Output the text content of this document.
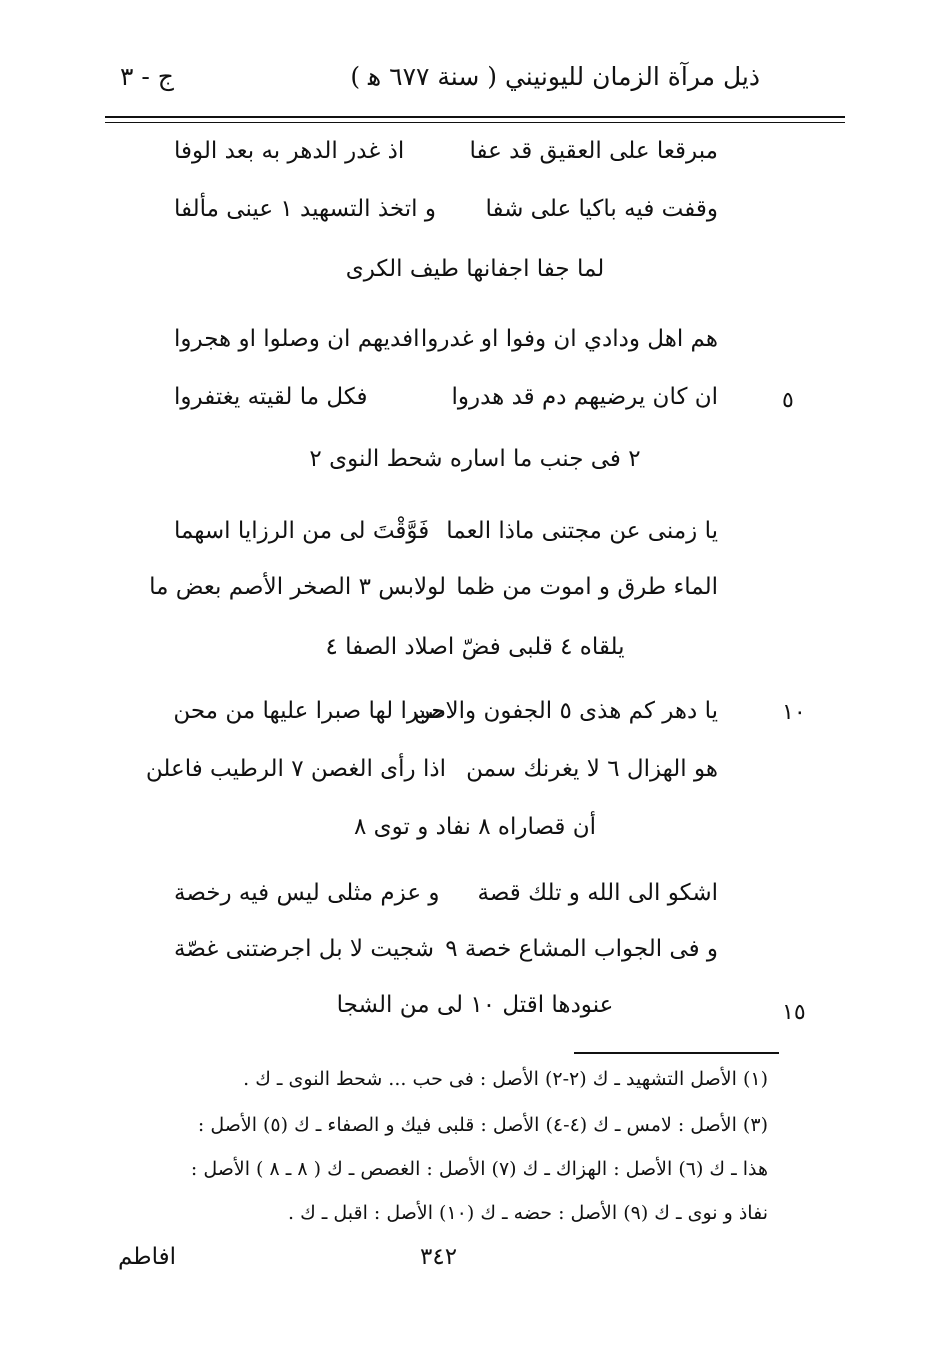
ذيل مرآة الزمان لليونيني ( سنة ٦٧٧ ﻫ )
ج - ٣
مبرقعا على العقيق قد عفااذ غدر الدهر به بعد الوفا
وقفت فيه باكيا على شفاو اتخذ التسهيد ١ عينى مألفا
لما جفا اجفانها طيف الكرى
هم اهل ودادي ان وفوا او غدرواافديهم ان وصلوا او هجروا
٥
ان كان يرضيهم دم قد هدروافكل ما لقيته يغتفروا
٢ فى جنب ما اساره شحط النوى ٢
يا زمنى عن مجتنى ماذا العمافَوَّقْتَ لى من الرزايا اسهما
الماء طرق و اموت من ظمالولابس ٣ الصخر الأصم بعض ما
يلقاه ٤ قلبى فضّ اصلاد الصفا ٤
١٠
يا دهر كم هذى ٥ الجفون والاحنصبرا لها صبرا عليها من محن
هو الهزال ٦ لا يغرنك سمناذا رأى الغصن ٧ الرطيب فاعلن
أن قصاراه ٨ نفاد و توى ٨
اشكو الى الله و تلك قصةو عزم مثلى ليس فيه رخصة
و فى الجواب المشاع خصة ٩شجيت لا بل اجرضتنى غصّة
١٥
عنودها اقتل ١٠ لى من الشجا
(١) الأصل التشهيد ـ ك (٢-٢) الأصل : فى حب ... شحط النوى ـ ك .
(٣) الأصل : لامس ـ ك (٤-٤) الأصل : قلبى فيك و الصفاء ـ ك (٥) الأصل :
هذا ـ ك (٦) الأصل : الهزاك ـ ك (٧) الأصل : الغصص ـ ك ( ٨ ـ ٨ ) الأصل :
نفاذ و نوى ـ ك (٩) الأصل : حضه ـ ك (١٠) الأصل : اقبل ـ ك .
٣٤٢
افاطم
